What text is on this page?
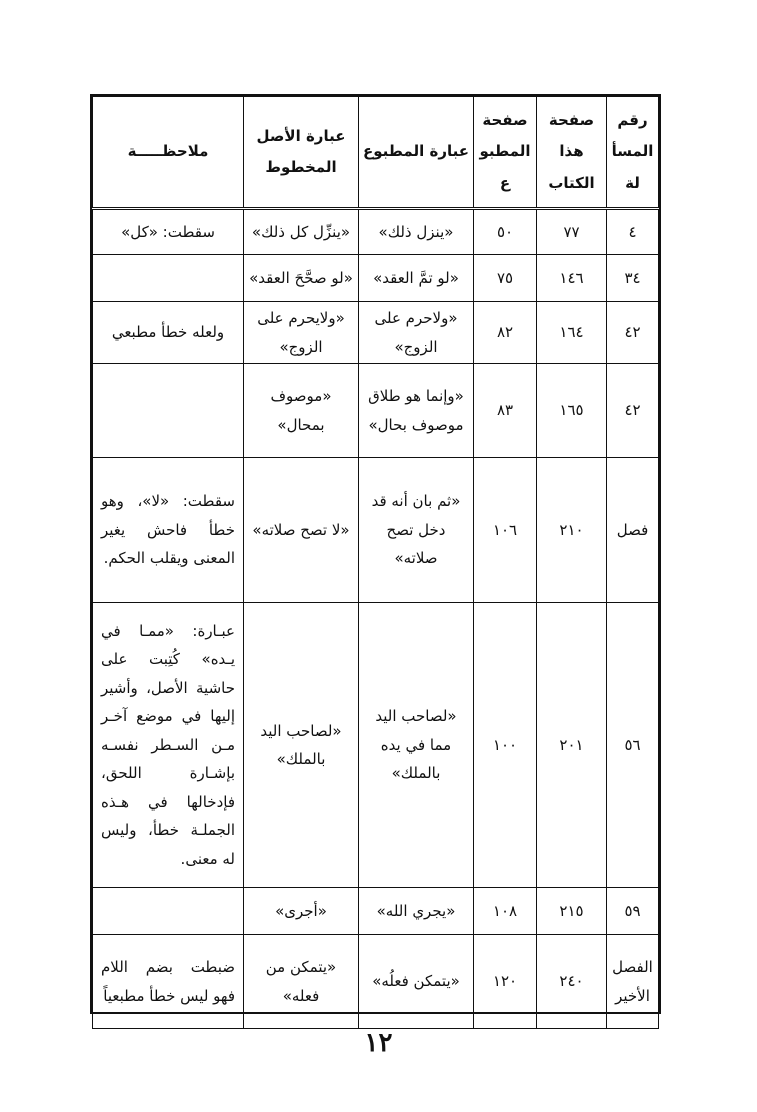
رقم المسألة	صفحة هذا الكتاب	صفحة المطبوع	عبارة المطبوع	عبارة الأصل المخطوط	ملاحظـــــة
٤	٧٧	٥٠	«ينزل ذلك»	«ينزِّل كل ذلك»	سقطت: «كل»
٣٤	١٤٦	٧٥	«لو تمَّ العقد»	«لو صحَّحَ العقد»	
٤٢	١٦٤	٨٢	«ولاحرم على الزوج»	«ولايحرم على الزوج»	ولعله خطأ مطبعي
٤٢	١٦٥	٨٣	«وإنما هو طلاق موصوف بحال»	«موصوف بمحال»	
فصل	٢١٠	١٠٦	«ثم بان أنه قد دخل تصح صلاته»	«لا تصح صلاته»	سقطت: «لا»، وهو خطأ فاحش يغير المعنى ويقلب الحكم.
٥٦	٢٠١	١٠٠	«لصاحب اليد مما في يده بالملك»	«لصاحب اليد بالملك»	عبـارة: «ممـا في يـده» كُتِبت على حاشية الأصل، وأشير إليها في موضع آخـر مـن السـطر نفسـه بإشـارة اللحق، فإدخالها في هـذه الجملـة خطأ، وليس له معنى.
٥٩	٢١٥	١٠٨	«يجري الله»	«أجرى»	
الفصل الأخير	٢٤٠	١٢٠	«يتمكن فعلُه»	«يتمكن من فعله»	ضبطت بضم اللام فهو ليس خطأ مطبعياً
١٢
